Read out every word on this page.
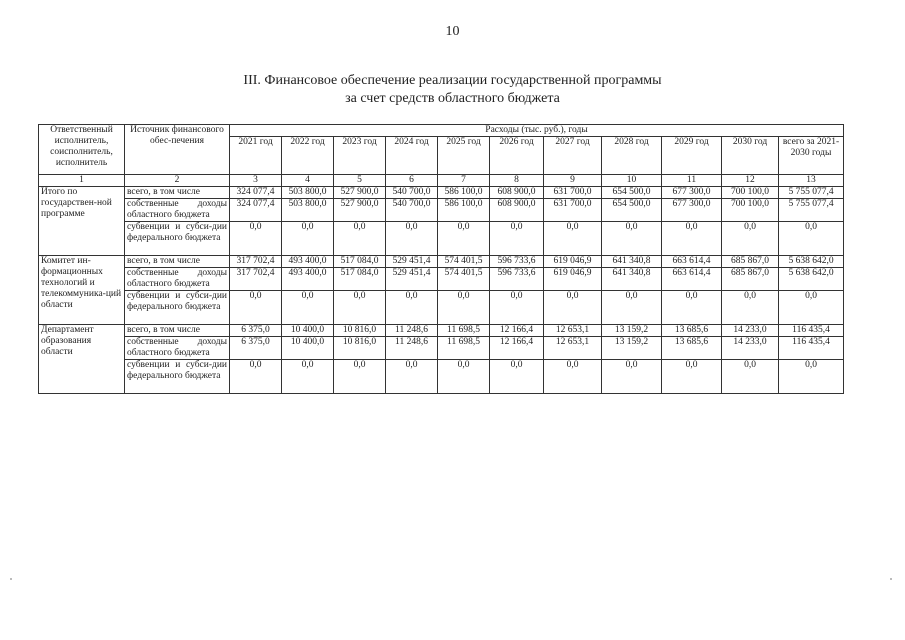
10
III. Финансовое обеспечение реализации государственной программы
за счет средств областного бюджета
Ответственный исполнитель, соисполнитель, исполнитель	Источник финансового обес-печения	Расходы (тыс. руб.), годы										
		2021 год	2022 год	2023 год	2024 год	2025 год	2026 год	2027 год	2028 год	2029 год	2030 год	всего за 2021-2030 годы
1	2	3	4	5	6	7	8	9	10	11	12	13
Итого по государствен-ной программе	всего, в том числе	324 077,4	503 800,0	527 900,0	540 700,0	586 100,0	608 900,0	631 700,0	654 500,0	677 300,0	700 100,0	5 755 077,4
	собственные доходы областного бюджета	324 077,4	503 800,0	527 900,0	540 700,0	586 100,0	608 900,0	631 700,0	654 500,0	677 300,0	700 100,0	5 755 077,4
	субвенции и субси-дии федерального бюджета	0,0	0,0	0,0	0,0	0,0	0,0	0,0	0,0	0,0	0,0	0,0
Комитет ин-формационных технологий и телекоммуника-ций области	всего, в том числе	317 702,4	493 400,0	517 084,0	529 451,4	574 401,5	596 733,6	619 046,9	641 340,8	663 614,4	685 867,0	5 638 642,0
	собственные доходы областного бюджета	317 702,4	493 400,0	517 084,0	529 451,4	574 401,5	596 733,6	619 046,9	641 340,8	663 614,4	685 867,0	5 638 642,0
	субвенции и субси-дии федерального бюджета	0,0	0,0	0,0	0,0	0,0	0,0	0,0	0,0	0,0	0,0	0,0
Департамент образования области	всего, в том числе	6 375,0	10 400,0	10 816,0	11 248,6	11 698,5	12 166,4	12 653,1	13 159,2	13 685,6	14 233,0	116 435,4
	собственные доходы областного бюджета	6 375,0	10 400,0	10 816,0	11 248,6	11 698,5	12 166,4	12 653,1	13 159,2	13 685,6	14 233,0	116 435,4
	субвенции и субси-дии федерального бюджета	0,0	0,0	0,0	0,0	0,0	0,0	0,0	0,0	0,0	0,0	0,0
